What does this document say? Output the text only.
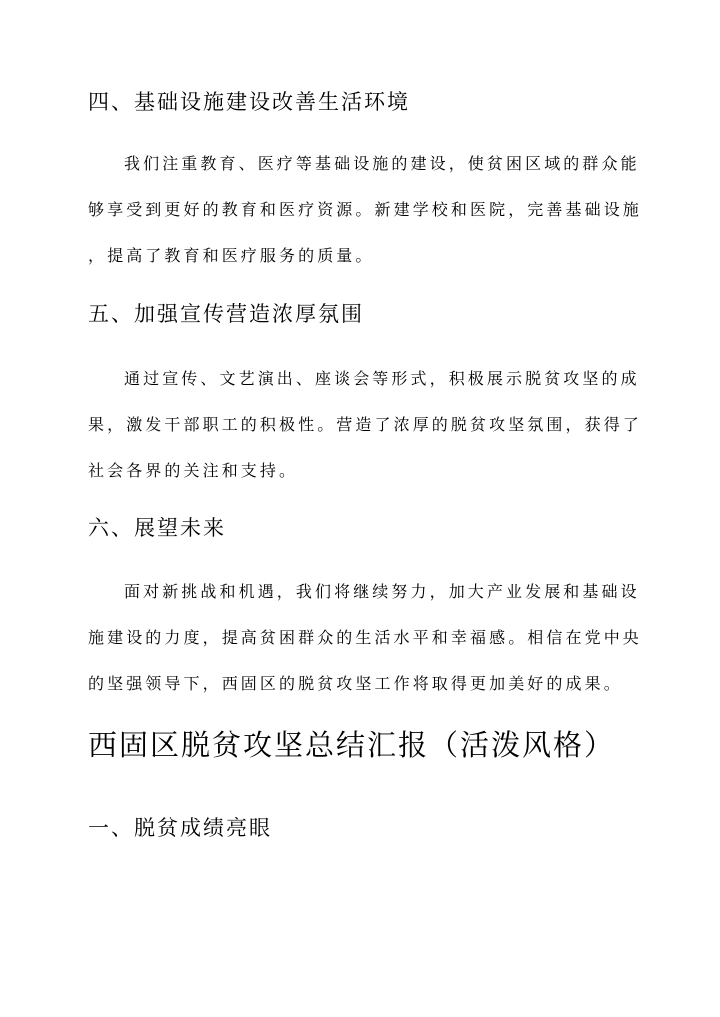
四、基础设施建设改善生活环境

我们注重教育、医疗等基础设施的建设，使贫困区域的群众能
够享受到更好的教育和医疗资源。新建学校和医院，完善基础设施
，提高了教育和医疗服务的质量。

五、加强宣传营造浓厚氛围

通过宣传、文艺演出、座谈会等形式，积极展示脱贫攻坚的成
果，激发干部职工的积极性。营造了浓厚的脱贫攻坚氛围，获得了
社会各界的关注和支持。

六、展望未来

面对新挑战和机遇，我们将继续努力，加大产业发展和基础设
施建设的力度，提高贫困群众的生活水平和幸福感。相信在党中央
的坚强领导下，西固区的脱贫攻坚工作将取得更加美好的成果。

西固区脱贫攻坚总结汇报（活泼风格）
一、脱贫成绩亮眼
